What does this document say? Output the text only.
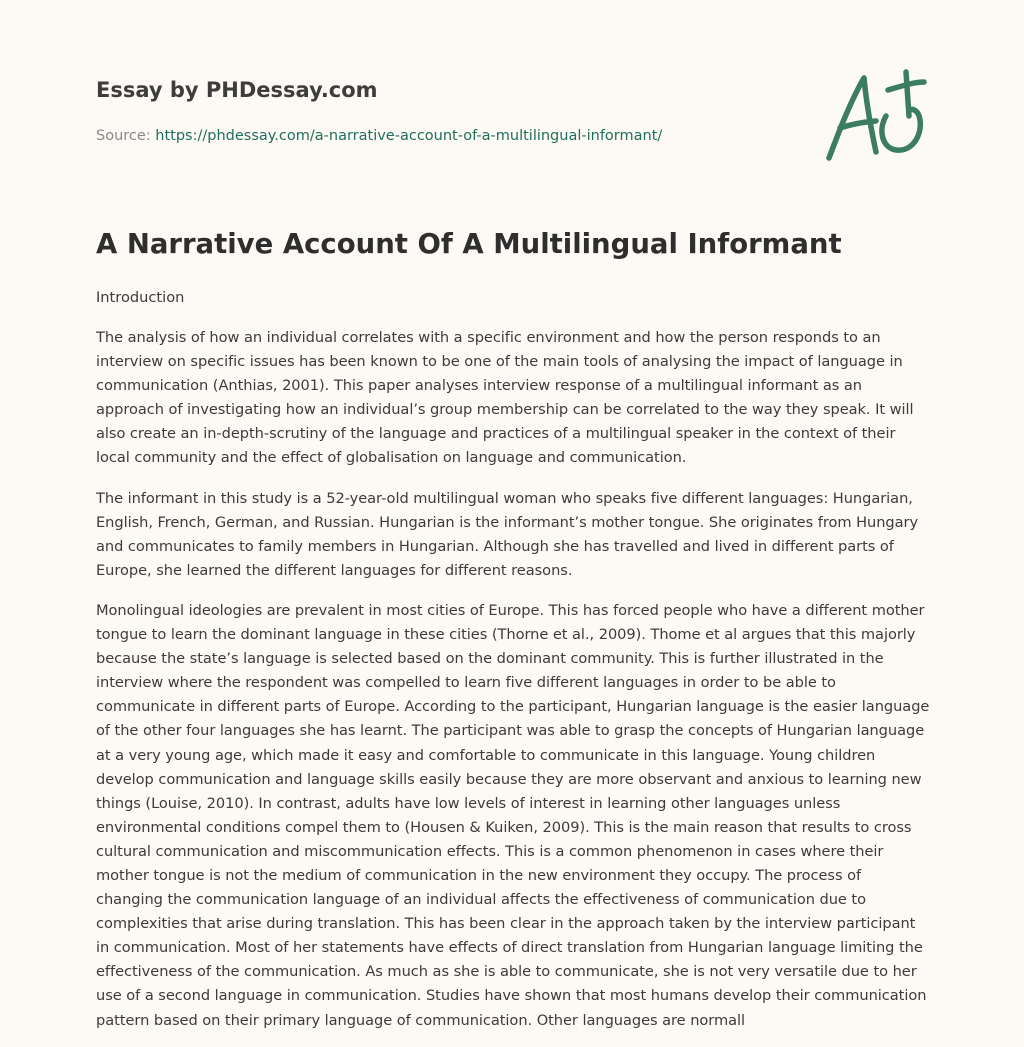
Essay by PHDessay.com
Source: https://phdessay.com/a-narrative-account-of-a-multilingual-informant/
A Narrative Account Of A Multilingual Informant
Introduction

The analysis of how an individual correlates with a specific environment and how the person responds to an interview on specific issues has been known to be one of the main tools of analysing the impact of language in communication (Anthias, 2001). This paper analyses interview response of a multilingual informant as an approach of investigating how an individual’s group membership can be correlated to the way they speak. It will also create an in-depth-scrutiny of the language and practices of a multilingual speaker in the context of their local community and the effect of globalisation on language and communication.

The informant in this study is a 52-year-old multilingual woman who speaks five different languages: Hungarian, English, French, German, and Russian. Hungarian is the informant’s mother tongue. She originates from Hungary and communicates to family members in Hungarian. Although she has travelled and lived in different parts of Europe, she learned the different languages for different reasons.

Monolingual ideologies are prevalent in most cities of Europe. This has forced people who have a different mother tongue to learn the dominant language in these cities (Thorne et al., 2009). Thome et al argues that this majorly because the state’s language is selected based on the dominant community. This is further illustrated in the interview where the respondent was compelled to learn five different languages in order to be able to communicate in different parts of Europe. According to the participant, Hungarian language is the easier language of the other four languages she has learnt. The participant was able to grasp the concepts of Hungarian language at a very young age, which made it easy and comfortable to communicate in this language. Young children develop communication and language skills easily because they are more observant and anxious to learning new things (Louise, 2010). In contrast, adults have low levels of interest in learning other languages unless environmental conditions compel them to (Housen & Kuiken, 2009). This is the main reason that results to cross cultural communication and miscommunication effects. This is a common phenomenon in cases where their mother tongue is not the medium of communication in the new environment they occupy. The process of changing the communication language of an individual affects the effectiveness of communication due to complexities that arise during translation. This has been clear in the approach taken by the interview participant in communication. Most of her statements have effects of direct translation from Hungarian language limiting the effectiveness of the communication. As much as she is able to communicate, she is not very versatile due to her use of a second language in communication. Studies have shown that most humans develop their communication pattern based on their primary language of communication. Other languages are normall
